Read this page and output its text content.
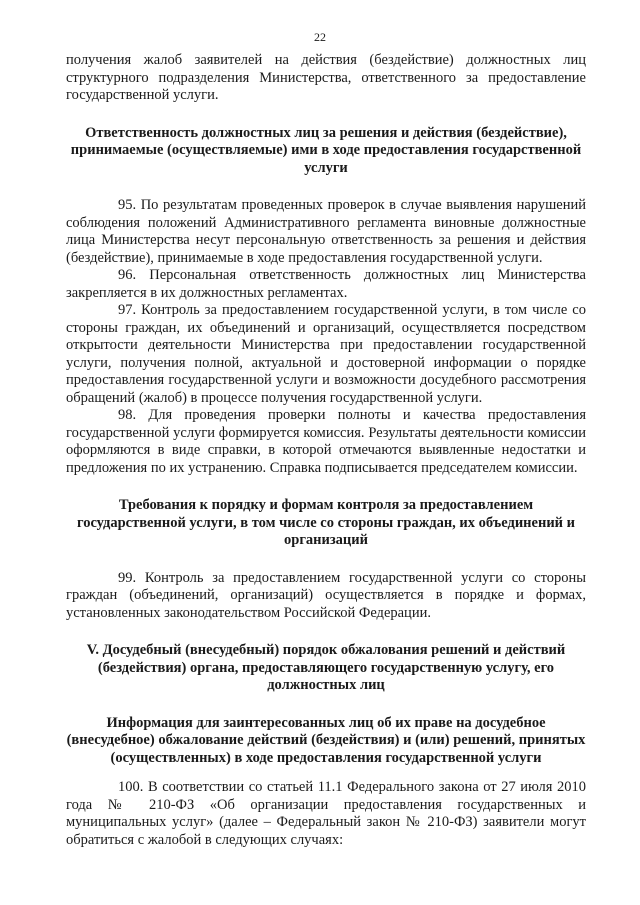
22

получения жалоб заявителей на действия (бездействие) должностных лиц структурного подразделения Министерства, ответственного за предоставление государственной услуги.

Ответственность должностных лиц за решения и действия (бездействие), принимаемые (осуществляемые) ими в ходе предоставления государственной услуги

95. По результатам проведенных проверок в случае выявления нарушений соблюдения положений Административного регламента виновные должностные лица Министерства несут персональную ответственность за решения и действия (бездействие), принимаемые в ходе предоставления государственной услуги.

96. Персональная ответственность должностных лиц Министерства закрепляется в их должностных регламентах.

97. Контроль за предоставлением государственной услуги, в том числе со стороны граждан, их объединений и организаций, осуществляется посредством открытости деятельности Министерства при предоставлении государственной услуги, получения полной, актуальной и достоверной информации о порядке предоставления государственной услуги и возможности досудебного рассмотрения обращений (жалоб) в процессе получения государственной услуги.

98. Для проведения проверки полноты и качества предоставления государственной услуги формируется комиссия. Результаты деятельности комиссии оформляются в виде справки, в которой отмечаются выявленные недостатки и предложения по их устранению. Справка подписывается председателем комиссии.

Требования к порядку и формам контроля за предоставлением государственной услуги, в том числе со стороны граждан, их объединений и организаций

99. Контроль за предоставлением государственной услуги со стороны граждан (объединений, организаций) осуществляется в порядке и формах, установленных законодательством Российской Федерации.

V. Досудебный (внесудебный) порядок обжалования решений и действий (бездействия) органа, предоставляющего государственную услугу, его должностных лиц

Информация для заинтересованных лиц об их праве на досудебное (внесудебное) обжалование действий (бездействия) и (или) решений, принятых (осуществленных) в ходе предоставления государственной услуги

100. В соответствии со статьей 11.1 Федерального закона от 27 июля 2010 года № 210-ФЗ «Об организации предоставления государственных и муниципальных услуг» (далее – Федеральный закон № 210-ФЗ) заявители могут обратиться с жалобой в следующих случаях:
